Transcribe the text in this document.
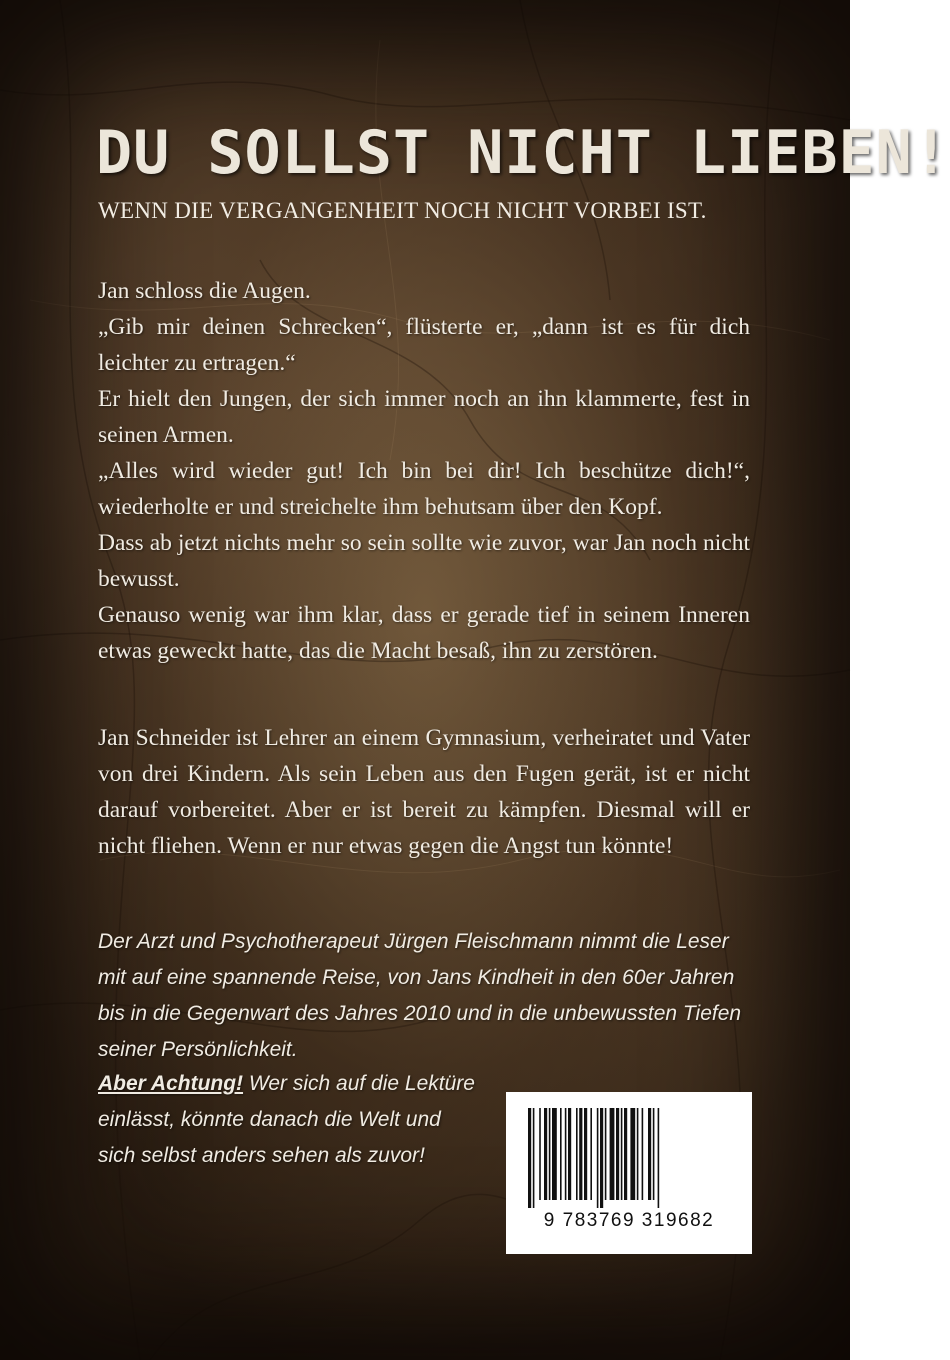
DU SOLLST NICHT LIEBEN!
WENN DIE VERGANGENHEIT NOCH NICHT VORBEI IST.

Jan schloss die Augen.
„Gib mir deinen Schrecken“, flüsterte er, „dann ist es für dich leichter zu ertragen.“
Er hielt den Jungen, der sich immer noch an ihn klammerte, fest in seinen Armen.
„Alles wird wieder gut! Ich bin bei dir! Ich beschütze dich!“, wiederholte er und streichelte ihm behutsam über den Kopf.
Dass ab jetzt nichts mehr so sein sollte wie zuvor, war Jan noch nicht bewusst.
Genauso wenig war ihm klar, dass er gerade tief in seinem Inneren etwas geweckt hatte, das die Macht besaß, ihn zu zerstören.

Jan Schneider ist Lehrer an einem Gymnasium, verheiratet und Vater von drei Kindern. Als sein Leben aus den Fugen gerät, ist er nicht darauf vorbereitet. Aber er ist bereit zu kämpfen. Diesmal will er nicht fliehen. Wenn er nur etwas gegen die Angst tun könnte!

Der Arzt und Psychotherapeut Jürgen Fleischmann nimmt die Leser mit auf eine spannende Reise, von Jans Kindheit in den 60er Jahren bis in die Gegenwart des Jahres 2010 und in die unbewussten Tiefen seiner Persönlichkeit.

Aber Achtung! Wer sich auf die Lektüre einlässt, könnte danach die Welt und sich selbst anders sehen als zuvor!

9 783769 319682
